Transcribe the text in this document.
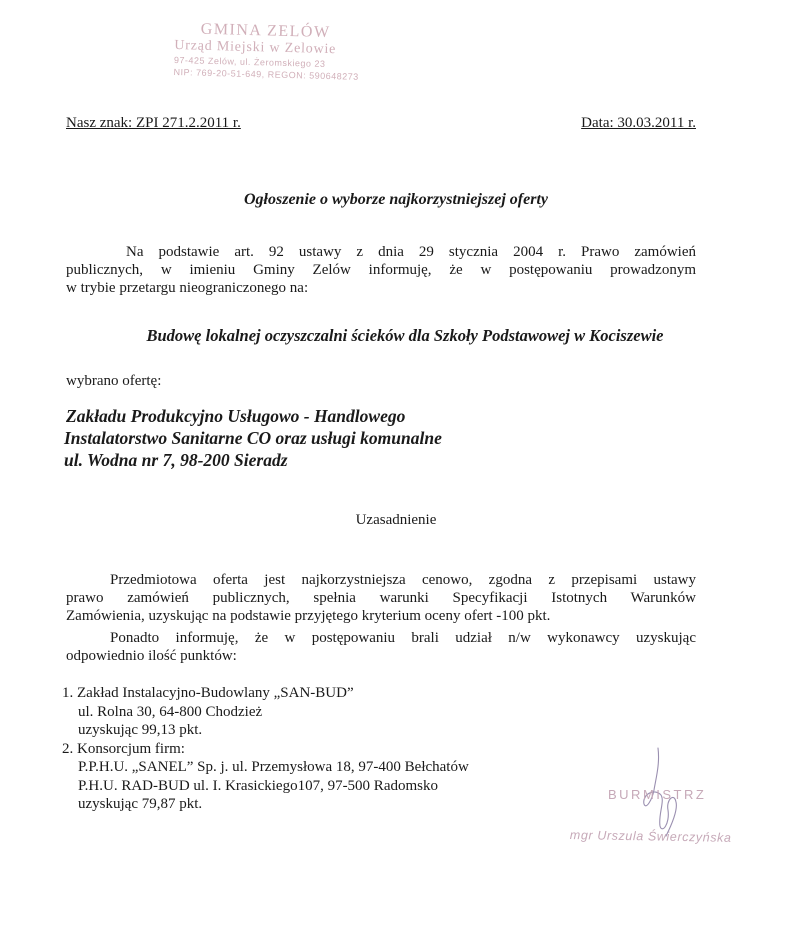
GMINA ZELÓW
Urząd Miejski w Zelowie
97-425 Zelów, ul. Żeromskiego 23
NIP: 769-20-51-649, REGON: 590648273
Nasz znak: ZPI 271.2.2011 r.	Data: 30.03.2011 r.
Ogłoszenie o wyborze najkorzystniejszej oferty
Na podstawie art. 92 ustawy z dnia 29 stycznia 2004 r. Prawo zamówień
publicznych, w imieniu Gminy Zelów informuję, że w postępowaniu prowadzonym
w trybie przetargu nieograniczonego na:
Budowę lokalnej oczyszczalni ścieków dla Szkoły Podstawowej w Kociszewie
wybrano ofertę:
Zakładu Produkcyjno Usługowo - Handlowego
Instalatorstwo Sanitarne CO oraz usługi komunalne
ul. Wodna nr 7, 98-200 Sieradz
Uzasadnienie
Przedmiotowa oferta jest najkorzystniejsza cenowo, zgodna z przepisami ustawy
prawo zamówień publicznych, spełnia warunki Specyfikacji Istotnych Warunków
Zamówienia, uzyskując na podstawie przyjętego kryterium oceny ofert -100 pkt.
Ponadto informuję, że w postępowaniu brali udział n/w wykonawcy uzyskując
odpowiednio ilość punktów:
1. Zakład Instalacyjno-Budowlany „SAN-BUD”
ul. Rolna 30, 64-800 Chodzież
uzyskując 99,13 pkt.
2. Konsorcjum firm:
P.P.H.U. „SANEL” Sp. j. ul. Przemysłowa 18, 97-400 Bełchatów
P.H.U. RAD-BUD ul. I. Krasickiego107, 97-500 Radomsko
uzyskując 79,87 pkt.
BURMISTRZ
mgr Urszula Świerczyńska
